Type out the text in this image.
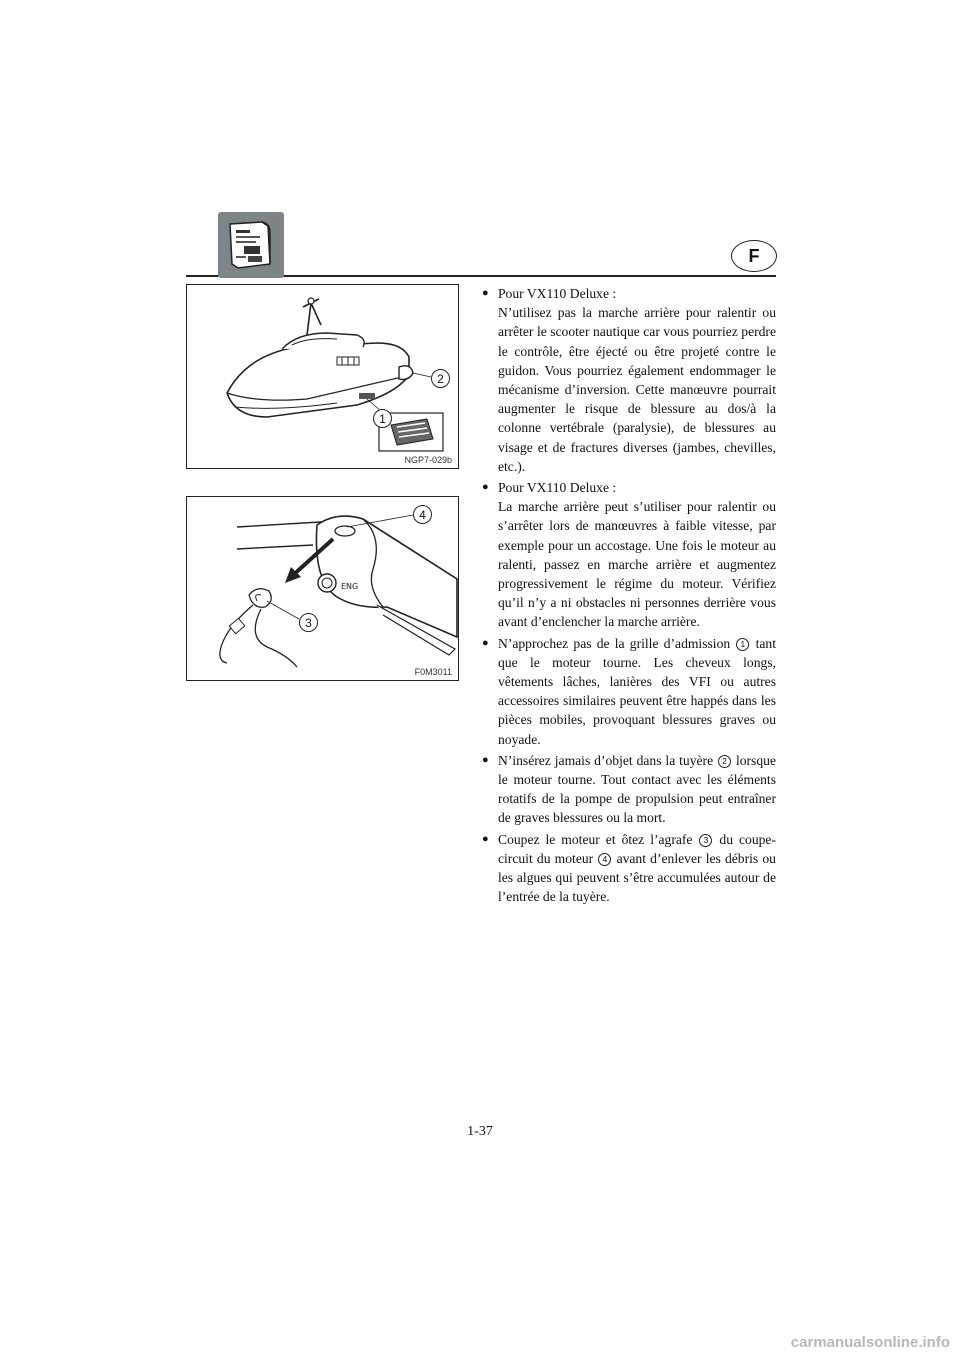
F
2
1
NGP7-029b
ENG
4
3
F0M3011

● Pour VX110 Deluxe :
N’utilisez pas la marche arrière pour ralentir ou arrêter le scooter nautique car vous pourriez perdre le contrôle, être éjecté ou être projeté contre le guidon. Vous pourriez également endommager le mécanisme d’inversion. Cette manœuvre pourrait augmenter le risque de blessure au dos/à la colonne vertébrale (paralysie), de blessures au visage et de fractures diverses (jambes, chevilles, etc.).

● Pour VX110 Deluxe :
La marche arrière peut s’utiliser pour ralentir ou s’arrêter lors de manœuvres à faible vitesse, par exemple pour un accostage. Une fois le moteur au ralenti, passez en marche arrière et augmentez progressivement le régime du moteur. Vérifiez qu’il n’y a ni obstacles ni personnes derrière vous avant d’enclencher la marche arrière.

● N’approchez pas de la grille d’admission 1 tant que le moteur tourne. Les cheveux longs, vêtements lâches, lanières des VFI ou autres accessoires similaires peuvent être happés dans les pièces mobiles, provoquant blessures graves ou noyade.

● N’insérez jamais d’objet dans la tuyère 2 lorsque le moteur tourne. Tout contact avec les éléments rotatifs de la pompe de propulsion peut entraîner de graves blessures ou la mort.

● Coupez le moteur et ôtez l’agrafe 3 du coupe-circuit du moteur 4 avant d’enlever les débris ou les algues qui peuvent s’être accumulées autour de l’entrée de la tuyère.

1-37
carmanualsonline.info
